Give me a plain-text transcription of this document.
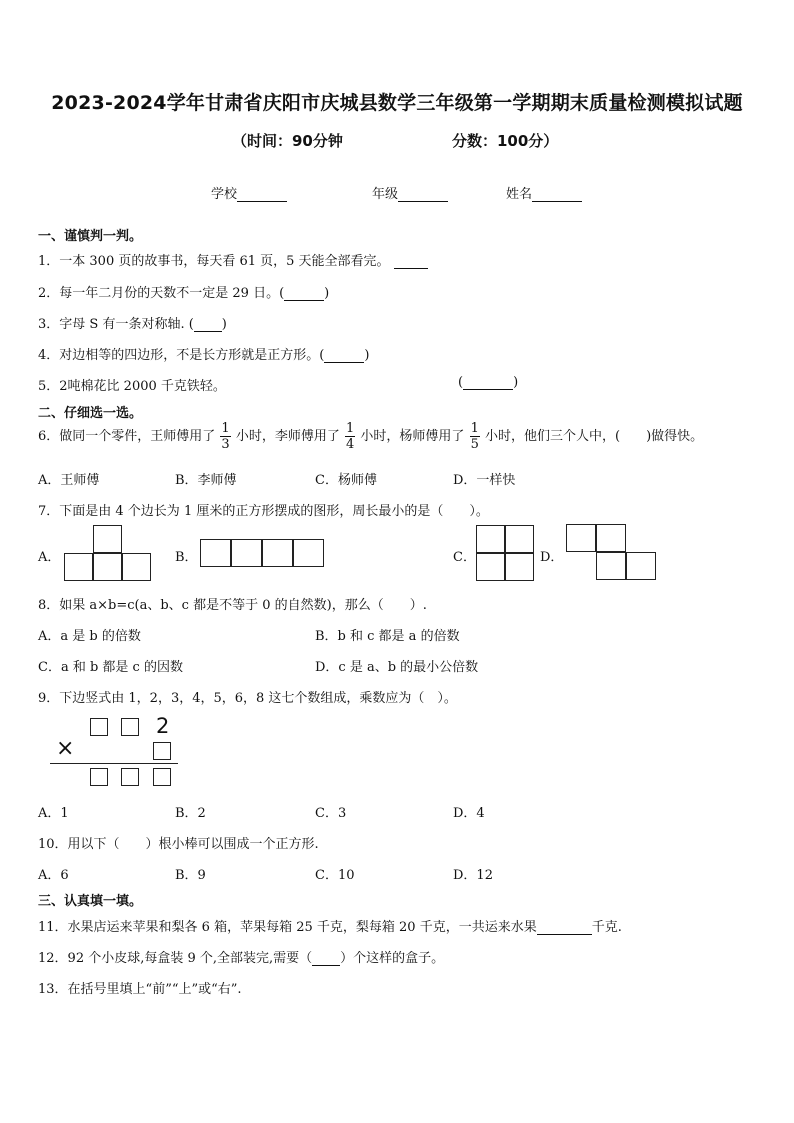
2023-2024学年甘肃省庆阳市庆城县数学三年级第一学期期末质量检测模拟试题
（时间：90分钟	分数：100分）
学校	年级	姓名
一、谨慎判一判。
1．一本 300 页的故事书，每天看 61 页，5 天能全部看完。
2．每一年二月份的天数不一定是 29 日。(	)
3．字母 S 有一条对称轴. ( )
4．对边相等的四边形，不是长方形就是正方形。(	)
5．2吨棉花比 2000 千克铁轻。	(	)
二、仔细选一选。
6．做同一个零件，王师傅用了 $\frac{1}{3}$ 小时，李师傅用了 $\frac{1}{4}$ 小时，杨师傅用了 $\frac{1}{5}$ 小时，他们三个人中，(　　)做得快。
A．王师傅	B．李师傅	C．杨师傅	D．一样快
7．下面是由 4 个边长为 1 厘米的正方形摆成的图形，周长最小的是（　　）。
A．	B．	C．	D．
8．如果 a×b=c(a、b、c 都是不等于 0 的自然数)，那么（　　）.
A．a 是 b 的倍数	B．b 和 c 都是 a 的倍数
C．a 和 b 都是 c 的因数	D．c 是 a、b 的最小公倍数
9．下边竖式由 1，2，3，4，5，6，8 这七个数组成，乘数应为（　）。
2
×
A．1	B．2	C．3	D．4
10．用以下（　　）根小棒可以围成一个正方形.
A．6	B．9	C．10	D．12
三、认真填一填。
11．水果店运来苹果和梨各 6 箱，苹果每箱 25 千克，梨每箱 20 千克，一共运来水果	千克.
12．92 个小皮球,每盒装 9 个,全部装完,需要（ ）个这样的盒子。
13．在括号里填上“前”“上”或“右”.
